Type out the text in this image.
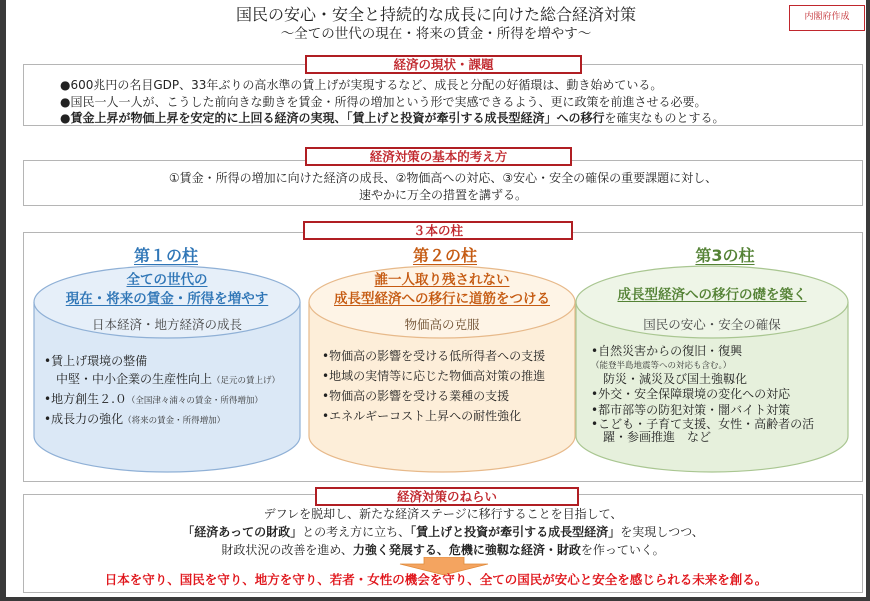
国民の安心・安全と持続的な成長に向けた総合経済対策
～全ての世代の現在・将来の賃金・所得を増やす～
内閣府作成
経済の現状・課題
●600兆円の名目GDP、33年ぶりの高水準の賃上げが実現するなど、成長と分配の好循環は、動き始めている。
●国民一人一人が、こうした前向きな動きを賃金・所得の増加という形で実感できるよう、更に政策を前進させる必要。
●賃金上昇が物価上昇を安定的に上回る経済の実現、「賃上げと投資が牽引する成長型経済」への移行を確実なものとする。
経済対策の基本的考え方
①賃金・所得の増加に向けた経済の成長、②物価高への対応、③安心・安全の確保の重要課題に対し、
速やかに万全の措置を講ずる。
３本の柱
第１の柱
全ての世代の
現在・将来の賃金・所得を増やす
日本経済・地方経済の成長
•賃上げ環境の整備
　中堅・中小企業の生産性向上（足元の賃上げ）
•地方創生２.０（全国津々浦々の賃金・所得増加）
•成長力の強化（将来の賃金・所得増加）
第２の柱
誰一人取り残されない
成長型経済への移行に道筋をつける
物価高の克服
•物価高の影響を受ける低所得者への支援
•地域の実情等に応じた物価高対策の推進
•物価高の影響を受ける業種の支援
•エネルギーコスト上昇への耐性強化
第3の柱
成長型経済への移行の礎を築く
国民の安心・安全の確保
•自然災害からの復旧・復興
（能登半島地震等への対応も含む。）
　防災・減災及び国土強靱化
•外交・安全保障環境の変化への対応
•都市部等の防犯対策・闇バイト対策
•こども・子育て支援、女性・高齢者の活
　躍・参画推進　など
経済対策のねらい
デフレを脱却し、新たな経済ステージに移行することを目指して、
「経済あっての財政」との考え方に立ち、「賃上げと投資が牽引する成長型経済」を実現しつつ、
財政状況の改善を進め、力強く発展する、危機に強靱な経済・財政を作っていく。
日本を守り、国民を守り、地方を守り、若者・女性の機会を守り、全ての国民が安心と安全を感じられる未来を創る。
